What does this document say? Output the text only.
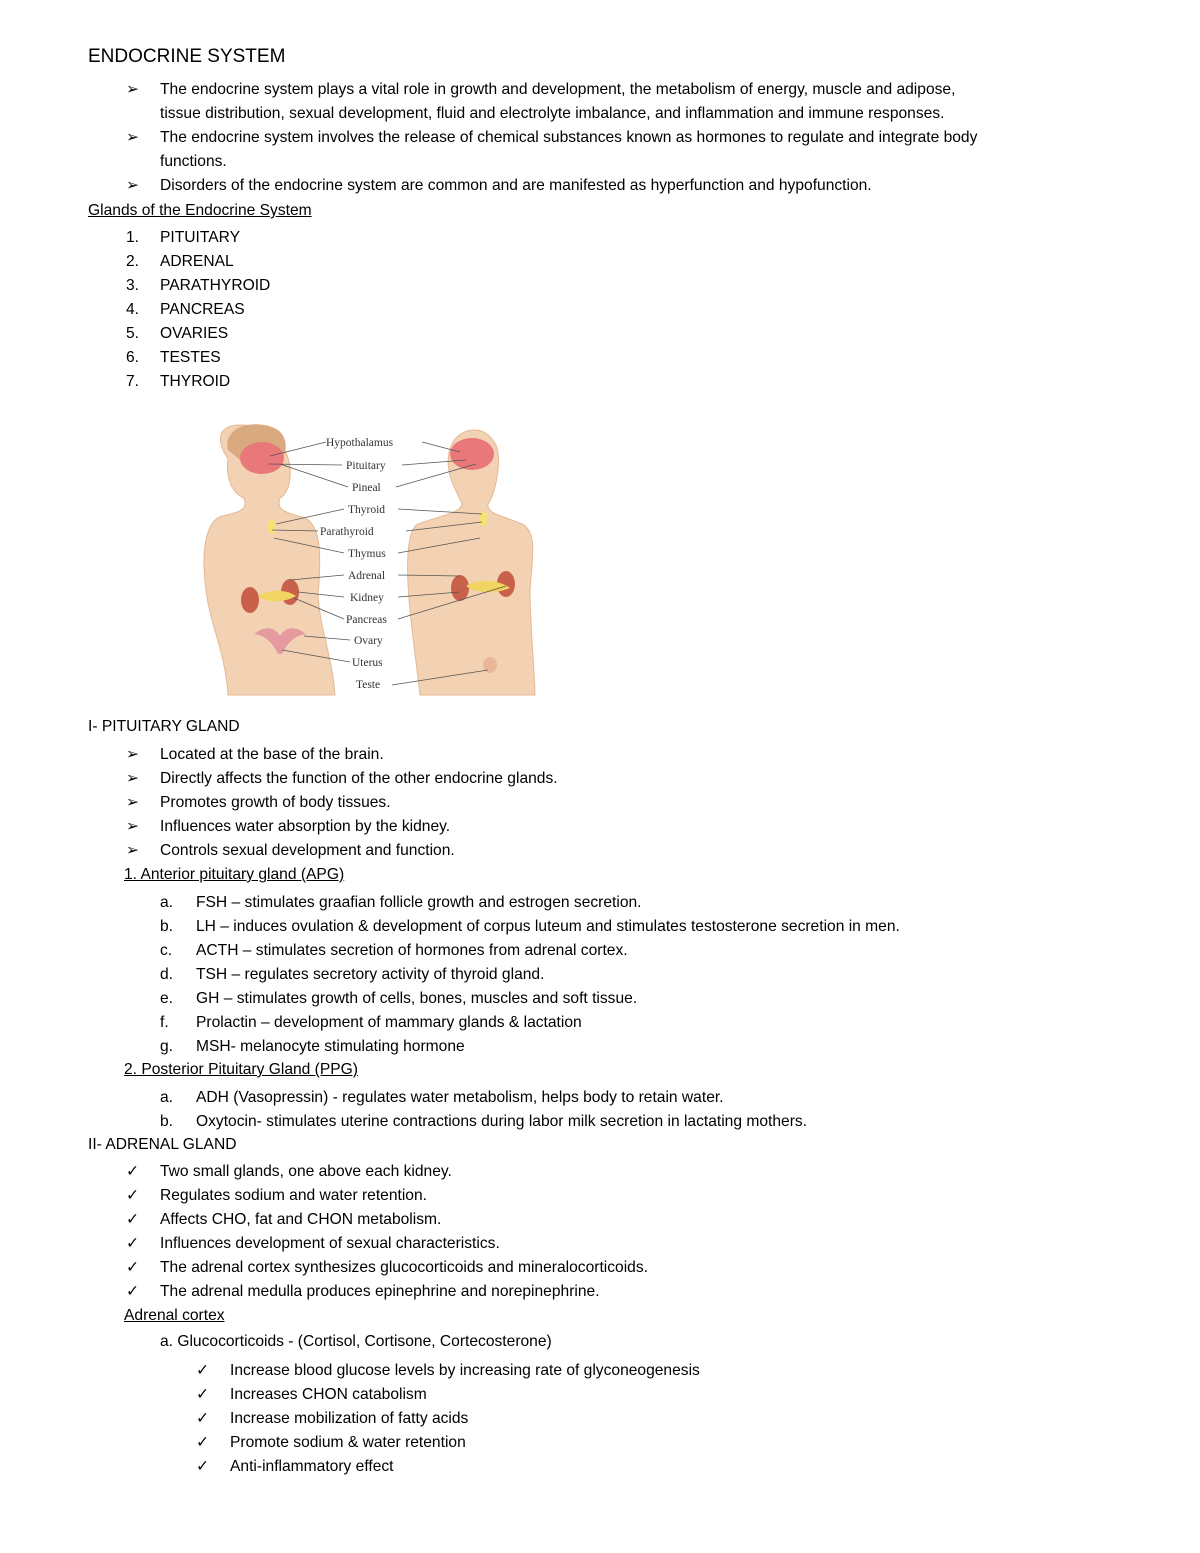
ENDOCRINE SYSTEM
➢ The endocrine system plays a vital role in growth and development, the metabolism of energy, muscle and adipose,
tissue distribution, sexual development, fluid and electrolyte imbalance, and inflammation and immune responses.
➢ The endocrine system involves the release of chemical substances known as hormones to regulate and integrate body
functions.
➢ Disorders of the endocrine system are common and are manifested as hyperfunction and hypofunction.
Glands of the Endocrine System
1. PITUITARY
2. ADRENAL
3. PARATHYROID
4. PANCREAS
5. OVARIES
6. TESTES
7. THYROID
Hypothalamus
Pituitary
Pineal
Thyroid
Parathyroid
Thymus
Adrenal
Kidney
Pancreas
Ovary
Uterus
Teste
I- PITUITARY GLAND
➢ Located at the base of the brain.
➢ Directly affects the function of the other endocrine glands.
➢ Promotes growth of body tissues.
➢ Influences water absorption by the kidney.
➢ Controls sexual development and function.
1. Anterior pituitary gland (APG)
a. FSH – stimulates graafian follicle growth and estrogen secretion.
b. LH – induces ovulation & development of corpus luteum and stimulates testosterone secretion in men.
c. ACTH – stimulates secretion of hormones from adrenal cortex.
d. TSH – regulates secretory activity of thyroid gland.
e. GH – stimulates growth of cells, bones, muscles and soft tissue.
f. Prolactin – development of mammary glands & lactation
g. MSH- melanocyte stimulating hormone
2. Posterior Pituitary Gland (PPG)
a. ADH (Vasopressin) - regulates water metabolism, helps body to retain water.
b. Oxytocin- stimulates uterine contractions during labor milk secretion in lactating mothers.
II- ADRENAL GLAND
✓ Two small glands, one above each kidney.
✓ Regulates sodium and water retention.
✓ Affects CHO, fat and CHON metabolism.
✓ Influences development of sexual characteristics.
✓ The adrenal cortex synthesizes glucocorticoids and mineralocorticoids.
✓ The adrenal medulla produces epinephrine and norepinephrine.
Adrenal cortex
a. Glucocorticoids - (Cortisol, Cortisone, Cortecosterone)
✓ Increase blood glucose levels by increasing rate of glyconeogenesis
✓ Increases CHON catabolism
✓ Increase mobilization of fatty acids
✓ Promote sodium & water retention
✓ Anti-inflammatory effect
